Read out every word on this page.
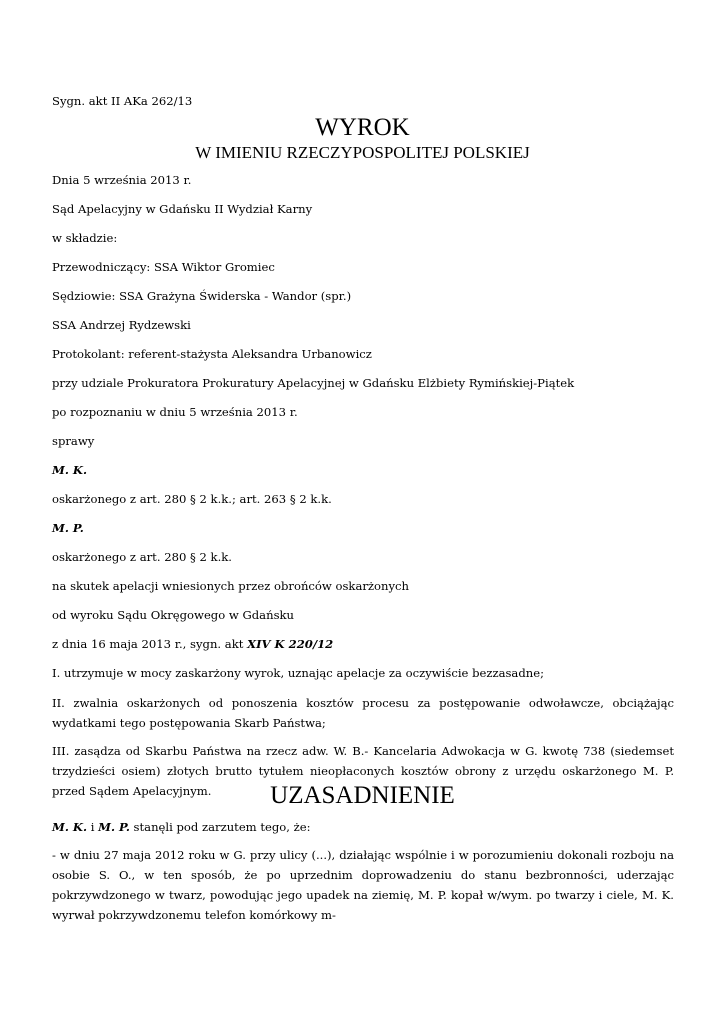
Sygn. akt II AKa 262/13

WYROK
W IMIENIU RZECZYPOSPOLITEJ POLSKIEJ

Dnia 5 września 2013 r.

Sąd Apelacyjny w Gdańsku II Wydział Karny

w składzie:

Przewodniczący: SSA Wiktor Gromiec

Sędziowie: SSA Grażyna Świderska - Wandor (spr.)

SSA Andrzej Rydzewski

Protokolant: referent-stażysta Aleksandra Urbanowicz

przy udziale Prokuratora Prokuratury Apelacyjnej w Gdańsku Elżbiety Rymińskiej-Piątek

po rozpoznaniu w dniu 5 września 2013 r.

sprawy

M. K.

oskarżonego z art. 280 § 2 k.k.; art. 263 § 2 k.k.

M. P.

oskarżonego z art. 280 § 2 k.k.

na skutek apelacji wniesionych przez obrońców oskarżonych

od wyroku Sądu Okręgowego w Gdańsku

z dnia 16 maja 2013 r., sygn. akt XIV K 220/12

I. utrzymuje w mocy zaskarżony wyrok, uznając apelacje za oczywiście bezzasadne;

II. zwalnia oskarżonych od ponoszenia kosztów procesu za postępowanie odwoławcze, obciążając wydatkami tego postępowania Skarb Państwa;

III. zasądza od Skarbu Państwa na rzecz adw. W. B.- Kancelaria Adwokacja w G. kwotę 738 (siedemset trzydzieści osiem) złotych brutto tytułem nieopłaconych kosztów obrony z urzędu oskarżonego M. P. przed Sądem Apelacyjnym.	UZASADNIENIE

M. K. i M. P. stanęli pod zarzutem tego, że:

- w dniu 27 maja 2012 roku w G. przy ulicy (...), działając wspólnie i w porozumieniu dokonali rozboju na osobie S. O., w ten sposób, że po uprzednim doprowadzeniu do stanu bezbronności, uderzając pokrzywdzonego w twarz, powodując jego upadek na ziemię, M. P. kopał w/wym. po twarzy i ciele, M. K. wyrwał pokrzywdzonemu telefon komórkowy m-
